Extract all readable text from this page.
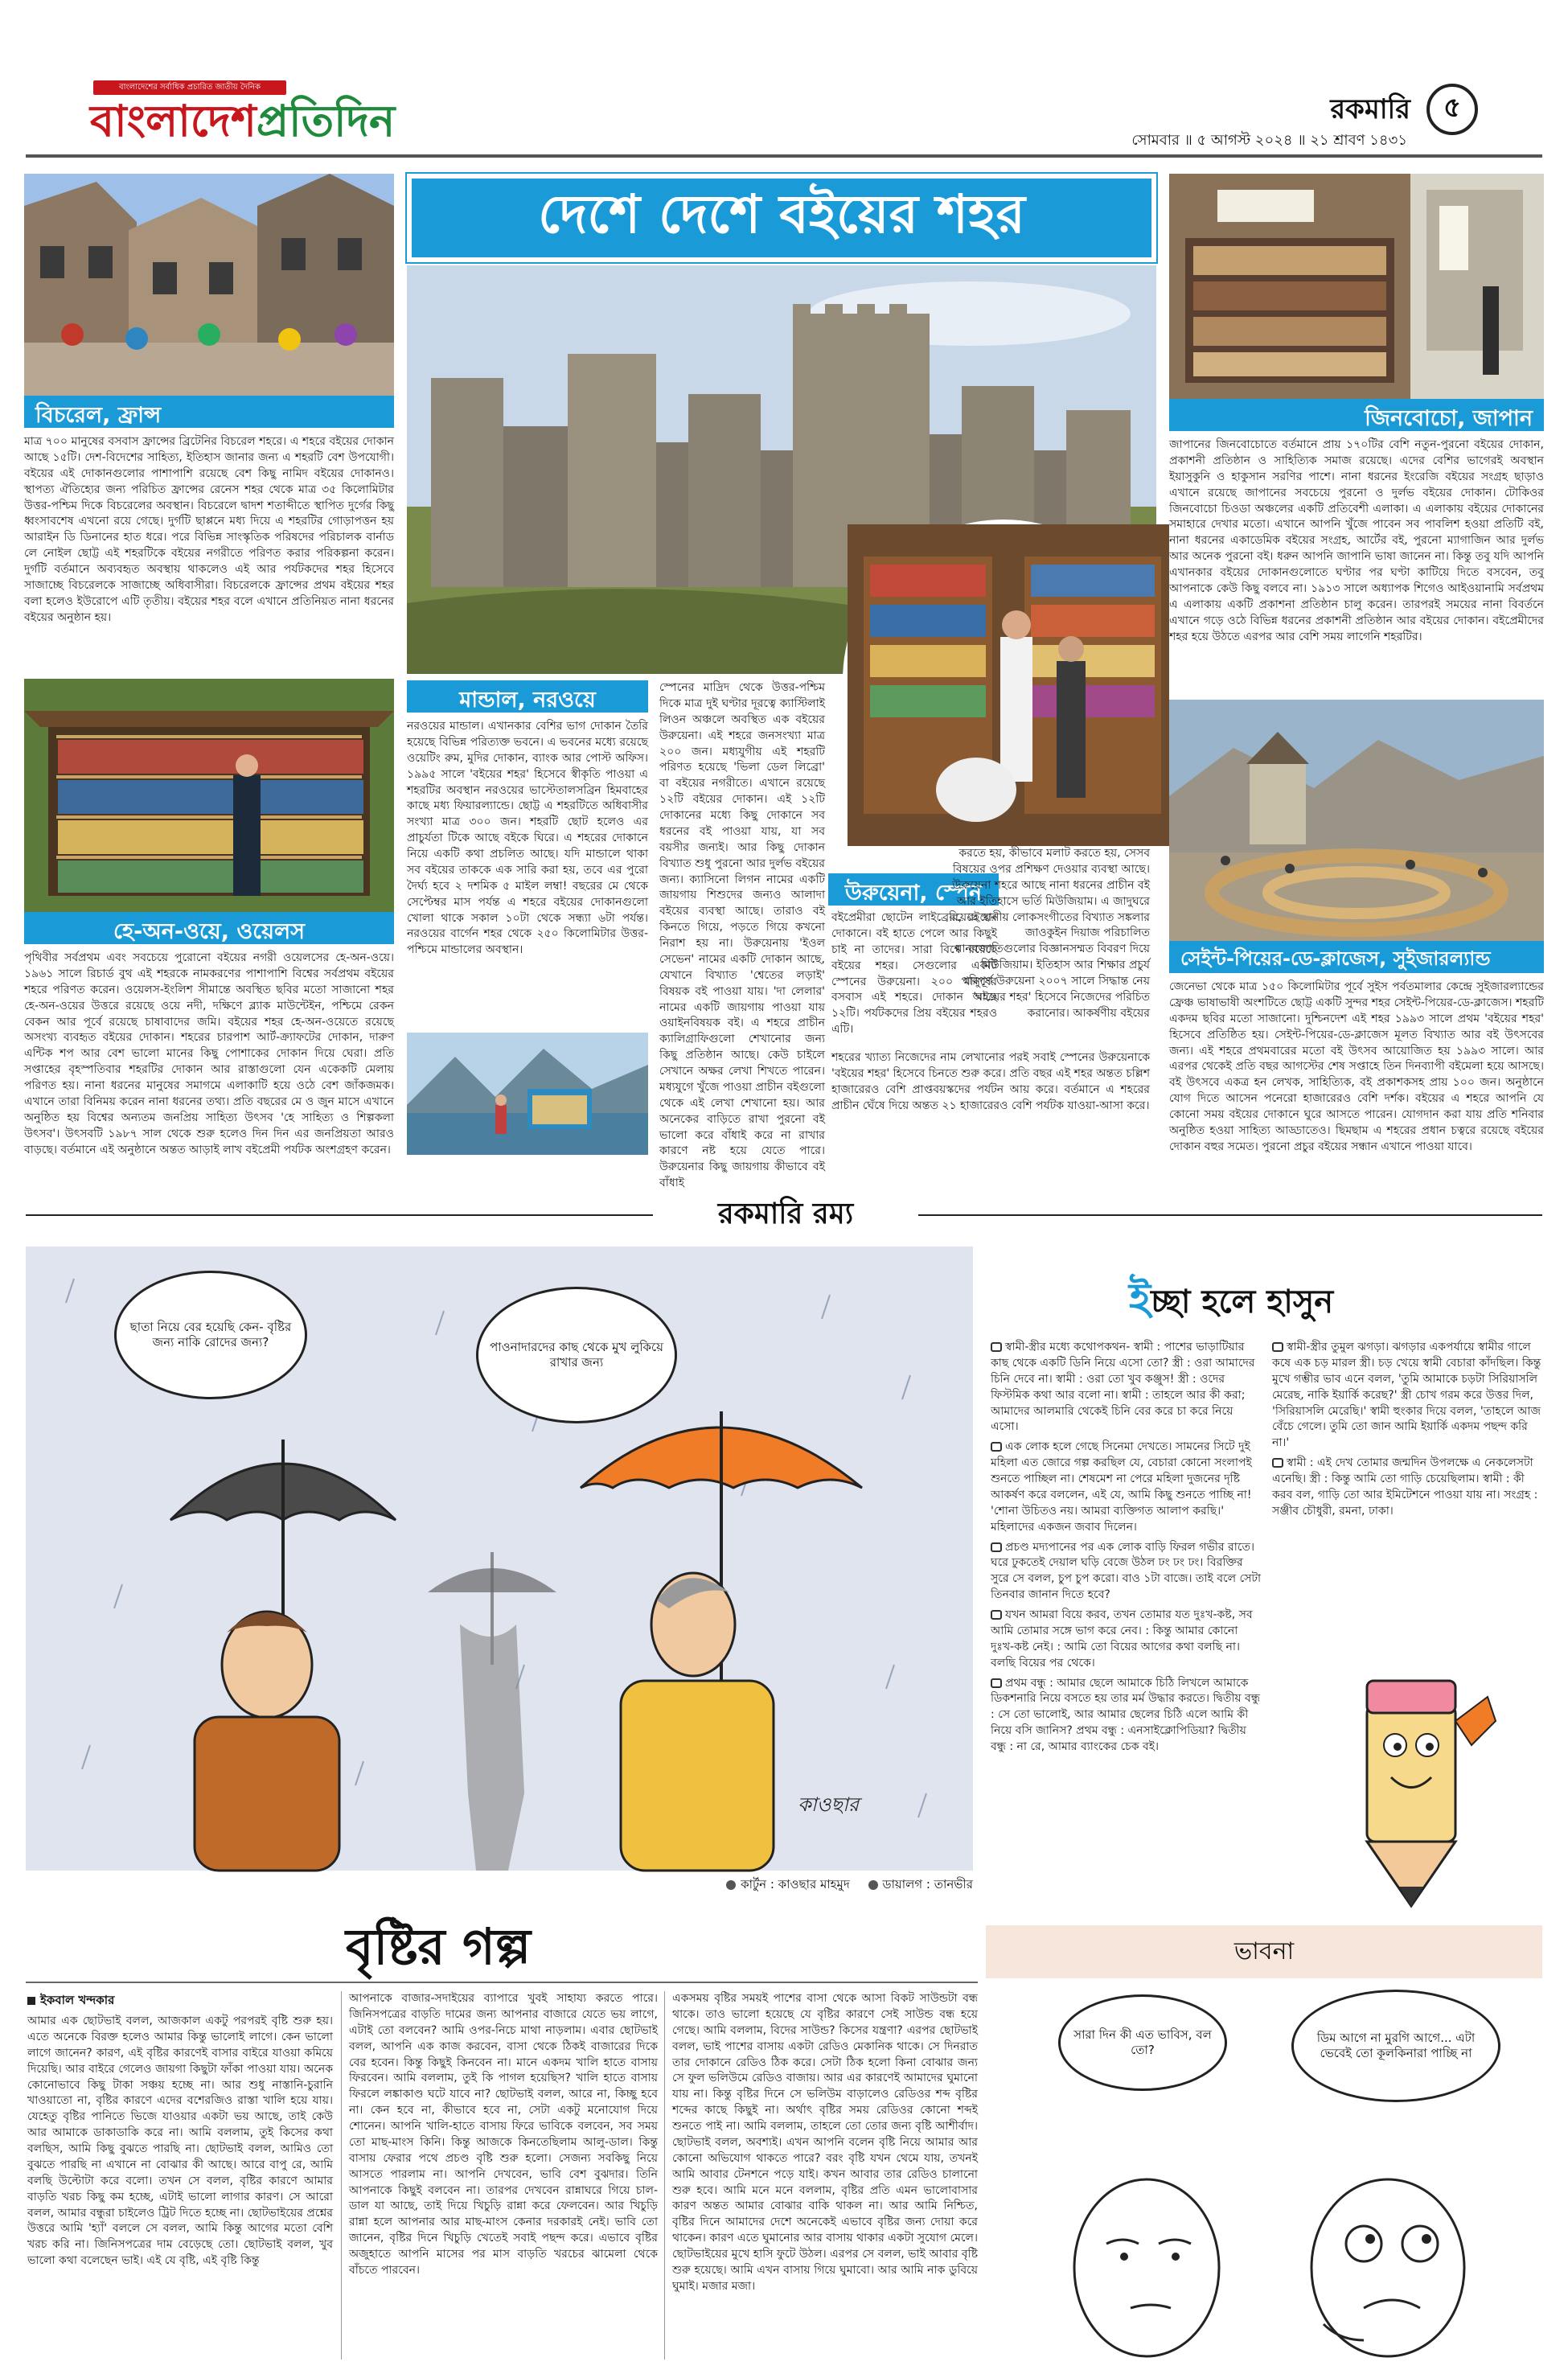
বাংলাদেশের সর্বাধিক প্রচারিত জাতীয় দৈনিক
বাংলাদেশপ্রতিদিন	রকমারি ৫
সোমবার ॥ ৫ আগস্ট ২০২৪ ॥ ২১ শ্রাবণ ১৪৩১
বিচরেল, ফ্রান্স
মাত্র ৭০০ মানুষের বসবাস ফ্রান্সের ব্রিটেনির বিচরেল শহরে। এ শহরে বইয়ের দোকান আছে ১৫টি। দেশ-বিদেশের সাহিত্য, ইতিহাস জানার জন্য এ শহরটি বেশ উপযোগী। বইয়ের এই দোকানগুলোর পাশাপাশি রয়েছে বেশ কিছু নামিদ বইয়ের দোকানও। স্থাপত্য ঐতিহ্যের জন্য পরিচিত ফ্রান্সের রেনেস শহর থেকে মাত্র ৩৫ কিলোমিটার উত্তর-পশ্চিম দিকে বিচরেলের অবস্থান। বিচরেলে দ্বাদশ শতাব্দীতে স্থাপিত দুর্গের কিছু ধ্বংসাবশেষ এখনো রয়ে গেছে। দুর্গটি ছাপ্পনে মধ্য দিয়ে এ শহরটির গোড়াপত্তন হয় আরাইন ডি ডিনানের হাত ধরে। পরে বিভিন্ন সাংস্কৃতিক পরিষদের পরিচালক বার্নাড লে নোইল ছোট্ট এই শহরটিকে বইয়ের নগরীতে পরিণত করার পরিকল্পনা করেন। দুর্গটি বর্তমানে অব্যবহৃত অবস্থায় থাকলেও এই আর পর্যটকদের শহর হিসেবে সাজাচ্ছে বিচরেলকে সাজাচ্ছে অধিবাসীরা। বিচরেলকে ফ্রান্সের প্রথম বইয়ের শহর বলা হলেও ইউরোপে এটি তৃতীয়। বইয়ের শহর বলে এখানে প্রতিনিয়ত নানা ধরনের বইয়ের অনুষ্ঠান হয়।
হে-অন-ওয়ে, ওয়েলস
পৃথিবীর সর্বপ্রথম এবং সবচেয়ে পুরোনো বইয়ের নগরী ওয়েলসের হে-অন-ওয়ে। ১৯৬১ সালে রিচার্ড বুথ এই শহরকে নামকরণের পাশাপাশি বিশ্বের সর্বপ্রথম বইয়ের শহরে পরিণত করেন। ওয়েলস-ইংলিশ সীমান্তে অবস্থিত ছবির মতো সাজানো শহর হে-অন-ওয়ের উত্তরে রয়েছে ওয়ে নদী, দক্ষিণে ব্ল্যাক মাউন্টেইন, পশ্চিমে রেকন বেকন আর পূর্বে রয়েছে চাষাবাদের জমি। বইয়ের শহর হে-অন-ওয়েতে রয়েছে অসংখ্য ব্যবহৃত বইয়ের দোকান। শহরের চারপাশ আর্ট-ক্র্যাফটের দোকান, দারুণ এন্টিক শপ আর বেশ ভালো মানের কিছু পোশাকের দোকান দিয়ে ঘেরা। প্রতি সপ্তাহের বৃহস্পতিবার শহরটির দোকান আর রাস্তাগুলো যেন একেকটি মেলায় পরিণত হয়। নানা ধরনের মানুষের সমাগমে এলাকাটি হয়ে ওঠে বেশ জাঁকজমক। এখানে তারা বিনিময় করেন নানা ধরনের তথ্য। প্রতি বছরের মে ও জুন মাসে এখানে অনুষ্ঠিত হয় বিশ্বের অন্যতম জনপ্রিয় সাহিত্য উৎসব 'হে সাহিত্য ও শিল্পকলা উৎসব'। উৎসবটি ১৯৮৭ সাল থেকে শুরু হলেও দিন দিন এর জনপ্রিয়তা আরও বাড়ছে। বর্তমানে এই অনুষ্ঠানে অন্তত আড়াই লাখ বইপ্রেমী পর্যটক অংশগ্রহণ করেন।
দেশে দেশে বইয়ের শহর
মান্ডাল, নরওয়ে
নরওয়ের মান্ডাল। এখানকার বেশির ভাগ দোকান তৈরি হয়েছে বিভিন্ন পরিত্যক্ত ভবনে। এ ভবনের মধ্যে রয়েছে ওয়েটিং রুম, মুদির দোকান, ব্যাংক আর পোস্ট অফিস। ১৯৯৫ সালে 'বইয়ের শহর' হিসেবে স্বীকৃতি পাওয়া এ শহরটির অবস্থান নরওয়ের ভাস্টেতালসব্রিন হিমবাহের কাছে মধ্য ফিয়ারল্যান্ডে। ছোট্ট এ শহরটিতে অধিবাসীর সংখ্যা মাত্র ৩০০ জন। শহরটি ছোট হলেও এর প্রাচুর্যতা টিকে আছে বইকে ঘিরে। এ শহরের দোকানে নিয়ে একটি কথা প্রচলিত আছে। যদি মান্ডালে থাকা সব বইয়ের তাককে এক সারি করা হয়, তবে এর পুরো দৈর্ঘ্য হবে ২ দশমিক ৫ মাইল লম্বা! বছরের মে থেকে সেপ্টেম্বর মাস পর্যন্ত এ শহরে বইয়ের দোকানগুলো খোলা থাকে সকাল ১০টা থেকে সন্ধ্যা ৬টা পর্যন্ত। নরওয়ের বার্গেন শহর থেকে ২৫০ কিলোমিটার উত্তর-পশ্চিমে মান্ডালের অবস্থান।
স্পেনের মাদ্রিদ থেকে উত্তর-পশ্চিম দিকে মাত্র দুই ঘণ্টার দূরত্বে ক্যাস্টিলাই লিওন অঞ্চলে অবস্থিত এক বইয়ের উরুয়েনা। এই শহরে জনসংখ্যা মাত্র ২০০ জন। মধ্যযুগীয় এই শহরটি পরিণত হয়েছে 'ভিলা ডেল লিব্রো' বা বইয়ের নগরীতে। এখানে রয়েছে ১২টি বইয়ের দোকান। এই ১২টি দোকানের মধ্যে কিছু দোকানে সব ধরনের বই পাওয়া যায়, যা সব বয়সীর জন্যই। আর কিছু দোকান বিখ্যাত শুধু পুরনো আর দুর্লভ বইয়ের জন্য। ক্যাসিনো লিগন নামের একটি জায়গায় শিশুদের জন্যও আলাদা বইয়ের ব্যবস্থা আছে। তারাও বই কিনতে গিয়ে, পড়তে গিয়ে কখনো নিরাশ হয় না। উরুয়েনায় 'ইওল সেভেন' নামের একটি দোকান আছে, যেখানে বিখ্যাত 'শ্বেতের লড়াই' বিষয়ক বই পাওয়া যায়। 'দা লেলার' নামের একটি জায়গায় পাওয়া যায় ওয়াইনবিষয়ক বই। এ শহরে প্রাচীন ক্যালিগ্রাফিগুলো শেখানোর জন্য কিছু প্রতিষ্ঠান আছে। কেউ চাইলে সেখানে অক্ষর লেখা শিখতে পারেন। মধ্যযুগে খুঁজে পাওয়া প্রাচীন বইগুলো থেকে এই লেখা শেখানো হয়। আর অনেকের বাড়িতে রাখা পুরনো বই ভালো করে বাঁধাই করে না রাখার কারণে নষ্ট হয়ে যেতে পারে। উরুয়েনার কিছু জায়গায় কীভাবে বই বাঁধাই
উরুয়েনা, স্পেন
বইপ্রেমীরা ছোটেন লাইব্রেরি, বইয়ের দোকানে। বই হাতে পেলে আর কিছুই চাই না তাদের। সারা বিশ্বে রয়েছে বইয়ের শহর। সেগুলোর একটি স্পেনের উরুয়েনা। ২০০ মানুষের বসবাস এই শহরে। দোকান আছে ১২টি। পর্যটকদের প্রিয় বইয়ের শহরও এটি।
করতে হয়, কীভাবে মলাট করতে হয়, সেসব বিষয়ের ওপর প্রশিক্ষণ দেওয়ার ব্যবস্থা আছে। উরুয়েনা শহরে আছে নানা ধরনের প্রাচীন বই আর ইতিহাসে ভর্তি মিউজিয়াম। এ জাদুঘরে রয়েছে স্থানীয় লোকসংগীতের বিখ্যাত সঙ্কলার জাওকুইন দিয়াজ পরিচালিত মানবজাতিগুলোর বিজ্ঞানসম্মত বিবরণ দিয়ে মিউজিয়াম। ইতিহাস আর শিক্ষার প্রচুর্য পরিপূর্ণ উরুয়েনা ২০০৭ সালে সিদ্ধান্ত নেয় 'বইয়ের শহর' হিসেবে নিজেদের পরিচিত করানোর। আকর্ষণীয় বইয়ের
শহরের খ্যাত্য নিজেদের নাম লেখানোর পরই সবাই স্পেনের উরুয়েনাকে 'বইয়ের শহর' হিসেবে চিনতে শুরু করে। প্রতি বছর এই শহর অন্তত চল্লিশ হাজারেরও বেশি প্রাপ্তবয়স্কদের পর্যটন আয় করে। বর্তমানে এ শহরের প্রাচীন ঘেঁষে দিয়ে অন্তত ২১ হাজারেরও বেশি পর্যটক যাওয়া-আসা করে।
জিনবোচো, জাপান
জাপানের জিনবোচোতে বর্তমানে প্রায় ১৭০টির বেশি নতুন-পুরনো বইয়ের দোকান, প্রকাশনী প্রতিষ্ঠান ও সাহিত্যিক সমাজ রয়েছে। এদের বেশির ভাগেরই অবস্থান ইয়াসুকুনি ও হাকুসান সরণির পাশে। নানা ধরনের ইংরেজি বইয়ের সংগ্রহ ছাড়াও এখানে রয়েছে জাপানের সবচেয়ে পুরনো ও দুর্লভ বইয়ের দোকান। টোকিওর জিনবোচো চিওডা অঞ্চলের একটি প্রতিবেশী এলাকা। এ এলাকায় বইয়ের দোকানের সমাহারে দেখার মতো। এখানে আপনি খুঁজে পাবেন সব পাবলিশ হওয়া প্রতিটি বই, নানা ধরনের একাডেমিক বইয়ের সংগ্রহ, আর্টের বই, পুরনো ম্যাগাজিন আর দুর্লভ আর অনেক পুরনো বই। ধরুন আপনি জাপানি ভাষা জানেন না। কিন্তু তবু যদি আপনি এখানকার বইয়ের দোকানগুলোতে ঘণ্টার পর ঘণ্টা কাটিয়ে দিতে বসবেন, তবু আপনাকে কেউ কিছু বলবে না। ১৯১৩ সালে অধ্যাপক শিগেও আইওয়ানামি সর্বপ্রথম এ এলাকায় একটি প্রকাশনা প্রতিষ্ঠান চালু করেন। তারপরই সময়ের নানা বিবর্তনে এখানে গড়ে ওঠে বিভিন্ন ধরনের প্রকাশনী প্রতিষ্ঠান আর বইয়ের দোকান। বইপ্রেমীদের শহর হয়ে উঠতে এরপর আর বেশি সময় লাগেনি শহরটির।
সেইন্ট-পিয়ের-ডে-ক্লাজেস, সুইজারল্যান্ড
জেনেভা থেকে মাত্র ১৫০ কিলোমিটার পূর্বে সুইস পর্বতমালার কেন্দ্রে সুইজারল্যান্ডের ফ্রেঞ্চ ভাষাভাষী অংশটিতে ছোট্ট একটি সুন্দর শহর সেইন্ট-পিয়ের-ডে-ক্লাজেস। শহরটি একদম ছবির মতো সাজানো। দুশ্চিনদেশ এই শহর ১৯৯৩ সালে প্রথম 'বইয়ের শহর' হিসেবে প্রতিষ্ঠিত হয়। সেইন্ট-পিয়ের-ডে-ক্লাজেস মূলত বিখ্যাত আর বই উৎসবের জন্য। এই শহরে প্রথমবারের মতো বই উৎসব আয়োজিত হয় ১৯৯৩ সালে। আর এরপর থেকেই প্রতি বছর আগস্টের শেষ সপ্তাহে তিন দিনব্যাপী বইমেলা হয়ে আসছে। বই উৎসবে একত্র হন লেখক, সাহিত্যিক, বই প্রকাশকসহ প্রায় ১০০ জন। অনুষ্ঠানে যোগ দিতে আসেন পনেরো হাজারেরও বেশি দর্শক। বইয়ের এ শহরে আপনি যে কোনো সময় বইয়ের দোকানে ঘুরে আসতে পারেন। যোগদান করা যায় প্রতি শনিবার অনুষ্ঠিত হওয়া সাহিত্য আড্ডাতেও। ছিমছাম এ শহরের প্রধান চত্বরে রয়েছে বইয়ের দোকান বহুর সমেত। পুরনো প্রচুর বইয়ের সন্ধান এখানে পাওয়া যাবে।
রকমারি রম্য
ছাতা নিয়ে বের হয়েছি কেন- বৃষ্টির জন্য নাকি রোদের জন্য?	পাওনাদারদের কাছ থেকে মুখ লুকিয়ে রাখার জন্য
কাওছার
কার্টুন : কাওছার মাহমুদ	ডায়ালগ : তানভীর
ইচ্ছা হলে হাসুন

স্বামী-স্ত্রীর মধ্যে কথোপকথন- স্বামী : পাশের ভাড়াটিয়ার কাছ থেকে একটি ডিনি নিয়ে এসো তো? স্ত্রী : ওরা আমাদের চিনি দেবে না। স্বামী : ওরা তো খুব কঞ্জুস! স্ত্রী : ওদের ফিস্টমিক কথা আর বলো না। স্বামী : তাহলে আর কী করা; আমাদের আলমারি থেকেই চিনি বের করে চা করে নিয়ে এসো।

এক লোক হলে গেছে সিনেমা দেখতে। সামনের সিটে দুই মহিলা এত জোরে গল্প করছিল যে, বেচারা কোনো সংলাপই শুনতে পাচ্ছিল না। শেষমেশ না পেরে মহিলা দুজনের দৃষ্টি আকর্ষণ করে বললেন, এই যে, আমি কিছু শুনতে পাচ্ছি না! 'শোনা উচিতও নয়। আমরা ব্যক্তিগত আলাপ করছি।' মহিলাদের একজন জবাব দিলেন।

প্রচণ্ড মদ্যপানের পর এক লোক বাড়ি ফিরল গভীর রাতে। ঘরে ঢুকতেই দেয়াল ঘড়ি বেজে উঠল ঢং ঢং ঢং। বিরক্তির সুরে সে বলল, চুপ চুপ করো। বাও ১টা বাজে। তাই বলে সেটা তিনবার জানান দিতে হবে?

যখন আমরা বিয়ে করব, তখন তোমার যত দুঃখ-কষ্ট, সব আমি তোমার সঙ্গে ভাগ করে নেব। : কিন্তু আমার কোনো দুঃখ-কষ্ট নেই। : আমি তো বিয়ের আগের কথা বলছি না। বলছি বিয়ের পর থেকে।

প্রথম বন্ধু : আমার ছেলে আমাকে চিঠি লিখলে আমাকে ডিকশনারি নিয়ে বসতে হয় তার মর্ম উদ্ধার করতে। দ্বিতীয় বন্ধু : সে তো ভালোই, আর আমার ছেলের চিঠি এলে আমি কী নিয়ে বসি জানিস? প্রথম বন্ধু : এনসাইক্লোপিডিয়া? দ্বিতীয় বন্ধু : না রে, আমার ব্যাংকের চেক বই।

স্বামী-স্ত্রীর তুমুল ঝগড়া। ঝগড়ার একপর্যায়ে স্বামীর গালে কষে এক চড় মারল স্ত্রী। চড় খেয়ে স্বামী বেচারা কাঁদছিল। কিন্তু মুখে গম্ভীর ভাব এনে বলল, 'তুমি আমাকে চড়টা সিরিয়াসলি মেরেছ, নাকি ইয়ার্কি করেছ?' স্ত্রী চোখ গরম করে উত্তর দিল, 'সিরিয়াসলি মেরেছি।' স্বামী হুংকার দিয়ে বলল, 'তাহলে আজ বেঁচে গেলে। তুমি তো জান আমি ইয়ার্কি একদম পছন্দ করি না।'

স্বামী : এই দেখ তোমার জন্মদিন উপলক্ষে এ নেকলেসটা এনেছি। স্ত্রী : কিন্তু আমি তো গাড়ি চেয়েছিলাম। স্বামী : কী করব বল, গাড়ি তো আর ইমিটেশনে পাওয়া যায় না। সংগ্রহ : সঞ্জীব চৌধুরী, রমনা, ঢাকা।

বৃষ্টির গল্প
ইকবাল খন্দকার
আমার এক ছোটভাই বলল, আজকাল একটু পরপরই বৃষ্টি শুরু হয়। এতে অনেকে বিরক্ত হলেও আমার কিন্তু ভালোই লাগে। কেন ভালো লাগে জানেন? কারণ, এই বৃষ্টির কারণেই বাসার বাইরে যাওয়া কমিয়ে দিয়েছি। আর বাইরে গেলেও জায়গা কিছুটা ফাঁকা পাওয়া যায়। অনেক কোনোভাবে কিছু টাকা সঞ্চয় হচ্ছে না। আর শুধু নাস্তানি-চুরানি খাওয়াতো না, বৃষ্টির কারণে এদের বশেরজিও রাস্তা খালি হয়ে যায়। যেহেতু বৃষ্টির পানিতে ভিজে যাওয়ার একটা ভয় আছে, তাই কেউ আর আমাকে ডাকাডাকি করে না। আমি বললাম, তুই কিসের কথা বলছিস, আমি কিছু বুঝতে পারছি না। ছোটভাই বলল, আমিও তো বুঝতে পারছি না এখানে না বোঝার কী আছে। আরে বাপু রে, আমি বলছি উল্টোটা করে বলো। তখন সে বলল, বৃষ্টির কারণে আমার বাড়তি খরচ কিছু কম হচ্ছে, এটাই ভালো লাগার কারণ। সে আরো বলল, আমার বন্ধুরা চাইলেও ট্রিট দিতে হচ্ছে না। ছোটভাইয়ের প্রশ্নের উত্তরে আমি 'হ্যাঁ' বললে সে বলল, আমি কিন্তু আগের মতো বেশি খরচ করি না। জিনিসপত্রের দাম বেড়েছে তো। ছোটভাই বলল, খুব ভালো কথা বলেছেন ভাই। এই যে বৃষ্টি, এই বৃষ্টি কিন্তু
আপনাকে বাজার-সদাইয়ের ব্যাপারে খুবই সাহায্য করতে পারে। জিনিসপত্রের বাড়তি দামের জন্য আপনার বাজারে যেতে ভয় লাগে, এটাই তো বলবেন? আমি ওপর-নিচে মাথা নাড়লাম। এবার ছোটভাই বলল, আপনি এক কাজ করবেন, বাসা থেকে ঠিকই বাজারের দিকে বের হবেন। কিন্তু কিছুই কিনবেন না। মানে একদম খালি হাতে বাসায় ফিরবেন। আমি বললাম, তুই কি পাগল হয়েছিস? খালি হাতে বাসায় ফিরলে লঙ্কাকাণ্ড ঘটে যাবে না? ছোটভাই বলল, আরে না, কিচ্ছু হবে না। কেন হবে না, কীভাবে হবে না, সেটা একটু মনোযোগ দিয়ে শোনেন। আপনি খালি-হাতে বাসায় ফিরে ভাবিকে বলবেন, সব সময় তো মাছ-মাংস কিনি। কিন্তু আজকে কিনতেছিলাম আলু-ডাল। কিন্তু বাসায় ফেরার পথে প্রচণ্ড বৃষ্টি শুরু হলো। সেজন্য সবকিছু নিয়ে আসতে পারলাম না। আপনি দেখবেন, ভাবি বেশ বুঝদার। তিনি আপনাকে কিছুই বলবেন না। তারপর দেখবেন রান্নাঘরে গিয়ে চাল-ডাল যা আছে, তাই দিয়ে খিচুড়ি রান্না করে ফেলবেন। আর খিচুড়ি রান্না হলে আপনার আর মাছ-মাংস কেনার দরকারই নেই। ভাবি তো জানেন, বৃষ্টির দিনে খিচুড়ি খেতেই সবাই পছন্দ করে। এভাবে বৃষ্টির অজুহাতে আপনি মাসের পর মাস বাড়তি খরচের ঝামেলা থেকে বাঁচতে পারবেন।
একসময় বৃষ্টির সময়ই পাশের বাসা থেকে আসা বিকট সাউন্ডটা বন্ধ থাকে। তাও ভালো হয়েছে যে বৃষ্টির কারণে সেই সাউন্ড বন্ধ হয়ে গেছে। আমি বললাম, বিদের সাউন্ড? কিসের যন্ত্রণা? এরপর ছোটভাই বলল, ভাই পাশের বাসায় একটা রেডিও মেকানিক থাকে। সে দিনরাত তার দোকানে রেডিও ঠিক করে। সেটা ঠিক হলো কিনা বোঝার জন্য সে ফুল ভলিউমে রেডিও বাজায়। আর এর কারণেই আমাদের ঘুমানো যায় না। কিন্তু বৃষ্টির দিনে সে ভলিউম বাড়ালেও রেডিওর শব্দ বৃষ্টির শব্দের কাছে কিছুই না। অর্থাৎ বৃষ্টির সময় রেডিওর কোনো শব্দই শুনতে পাই না। আমি বললাম, তাহলে তো তোর জন্য বৃষ্টি আশীর্বাদ। ছোটভাই বলল, অবশ্যই। এখন আপনি বলেন বৃষ্টি নিয়ে আমার আর কোনো অভিযোগ থাকতে পারে? বরং বৃষ্টি যখন থেমে যায়, তখনই আমি আবার টেনশনে পড়ে যাই। কখন আবার তার রেডিও চালানো শুরু হবে। আমি মনে মনে বললাম, বৃষ্টির প্রতি এমন ভালোবাসার কারণ অন্তত আমার বোঝার বাকি থাকল না। আর আমি নিশ্চিত, বৃষ্টির দিনে আমাদের দেশে অনেকেই এভাবে বৃষ্টির জন্য দোয়া করে থাকেন। কারণ এতে ঘুমানোর আর বাসায় থাকার একটা সুযোগ মেলে। ছোটভাইয়ের মুখে হাসি ফুটে উঠল। এরপর সে বলল, ভাই আবার বৃষ্টি শুরু হয়েছে। আমি এখন বাসায় গিয়ে ঘুমাবো। আর আমি নাক ডুবিয়ে ঘুমাই। মজার মজা।
ভাবনা
সারা দিন কী এত ভাবিস, বল তো?
ডিম আগে না মুরগি আগে... এটা ভেবেই তো কূলকিনারা পাচ্ছি না
